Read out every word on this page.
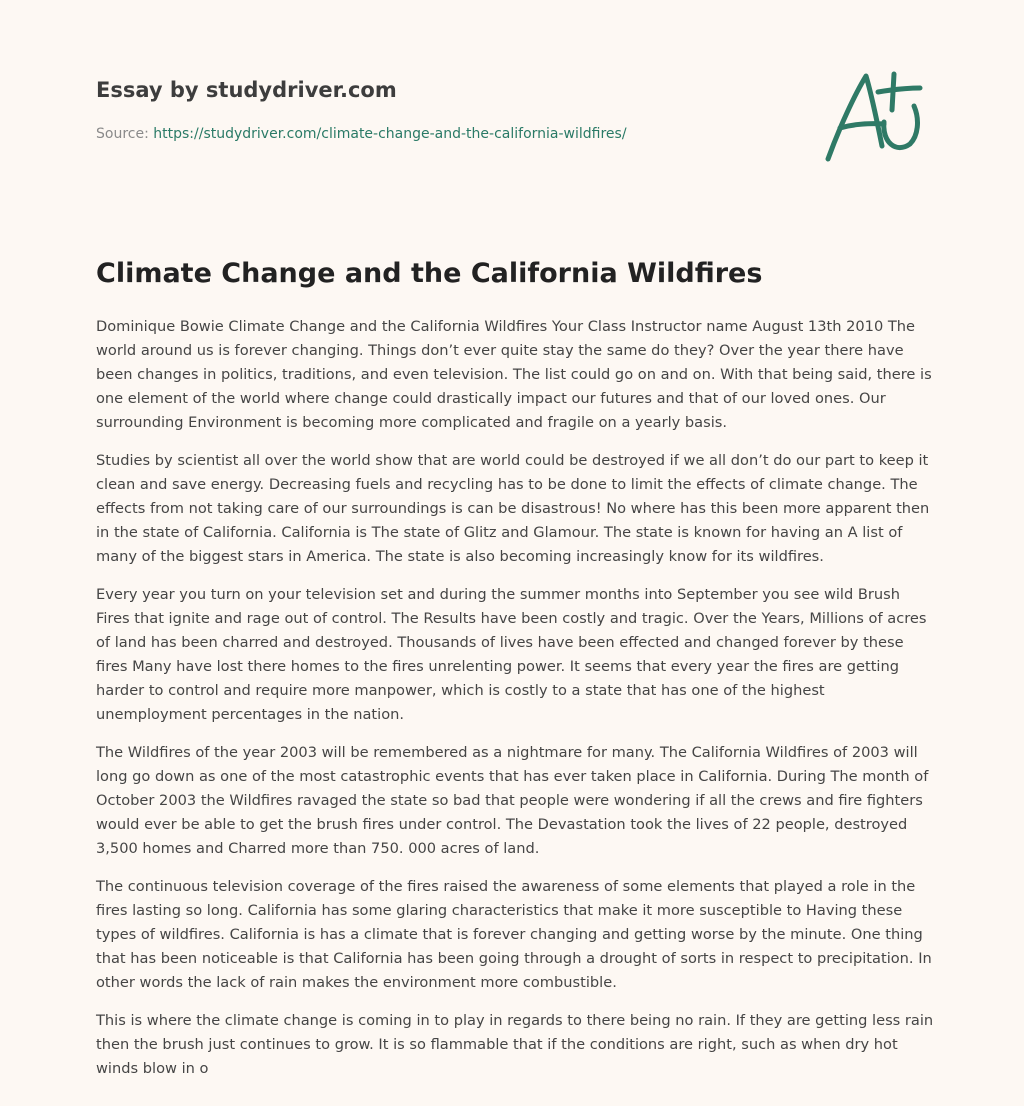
Essay by studydriver.com
Source: https://studydriver.com/climate-change-and-the-california-wildfires/
Climate Change and the California Wildfires

Dominique Bowie Climate Change and the California Wildfires Your Class Instructor name August 13th 2010 The world around us is forever changing. Things don’t ever quite stay the same do they? Over the year there have been changes in politics, traditions, and even television. The list could go on and on. With that being said, there is one element of the world where change could drastically impact our futures and that of our loved ones. Our surrounding Environment is becoming more complicated and fragile on a yearly basis.

Studies by scientist all over the world show that are world could be destroyed if we all don’t do our part to keep it clean and save energy. Decreasing fuels and recycling has to be done to limit the effects of climate change. The effects from not taking care of our surroundings is can be disastrous! No where has this been more apparent then in the state of California. California is The state of Glitz and Glamour. The state is known for having an A list of many of the biggest stars in America. The state is also becoming increasingly know for its wildfires.

Every year you turn on your television set and during the summer months into September you see wild Brush Fires that ignite and rage out of control. The Results have been costly and tragic. Over the Years, Millions of acres of land has been charred and destroyed. Thousands of lives have been effected and changed forever by these fires Many have lost there homes to the fires unrelenting power. It seems that every year the fires are getting harder to control and require more manpower, which is costly to a state that has one of the highest unemployment percentages in the nation.

The Wildfires of the year 2003 will be remembered as a nightmare for many. The California Wildfires of 2003 will long go down as one of the most catastrophic events that has ever taken place in California. During The month of October 2003 the Wildfires ravaged the state so bad that people were wondering if all the crews and fire fighters would ever be able to get the brush fires under control. The Devastation took the lives of 22 people, destroyed 3,500 homes and Charred more than 750. 000 acres of land.

The continuous television coverage of the fires raised the awareness of some elements that played a role in the fires lasting so long. California has some glaring characteristics that make it more susceptible to Having these types of wildfires. California is has a climate that is forever changing and getting worse by the minute. One thing that has been noticeable is that California has been going through a drought of sorts in respect to precipitation. In other words the lack of rain makes the environment more combustible.

This is where the climate change is coming in to play in regards to there being no rain. If they are getting less rain then the brush just continues to grow. It is so flammable that if the conditions are right, such as when dry hot winds blow in o
